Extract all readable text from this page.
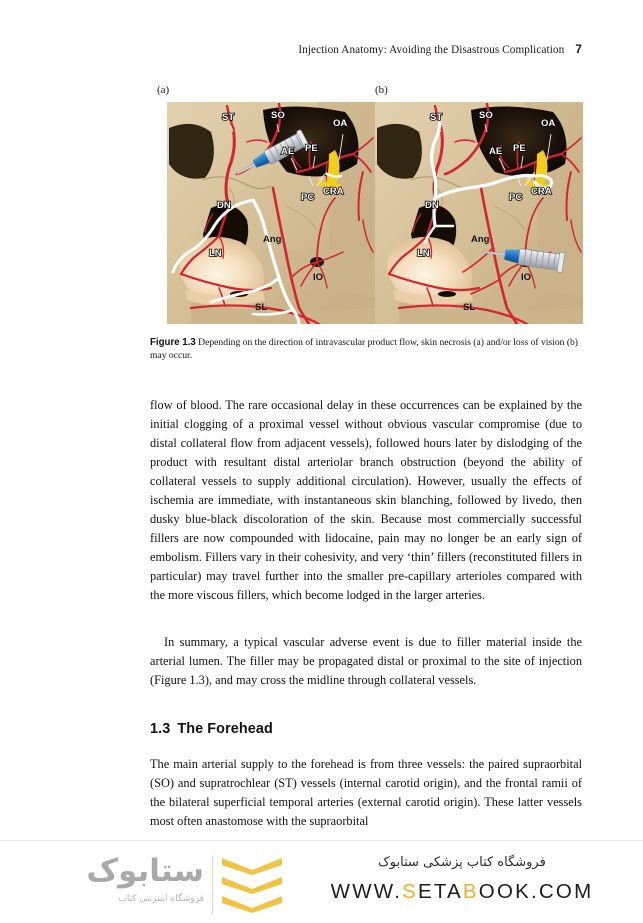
Injection Anatomy: Avoiding the Disastrous Complication 7
(a)	(b)
ST	SO
OA
AE PE
CRA
PC
DN
Ang
LN
IO
SL
ST	SO
OA
AE PE
CRA
PC
DN
Ang
LN
IO
SL
Figure 1.3 Depending on the direction of intravascular product flow, skin necrosis (a) and/or loss of vision (b) may occur.

flow of blood. The rare occasional delay in these occurrences can be explained by the initial clogging of a proximal vessel without obvious vascular compromise (due to distal collateral flow from adjacent vessels), followed hours later by dislodging of the product with resultant distal arteriolar branch obstruction (beyond the ability of collateral vessels to supply additional circulation). However, usually the effects of ischemia are immediate, with instantaneous skin blanching, followed by livedo, then dusky blue-black discoloration of the skin. Because most commercially successful fillers are now compounded with lidocaine, pain may no longer be an early sign of embolism. Fillers vary in their cohesivity, and very ‘thin’ fillers (reconstituted fillers in particular) may travel further into the smaller pre-capillary arterioles compared with the more viscous fillers, which become lodged in the larger arteries.

In summary, a typical vascular adverse event is due to filler material inside the arterial lumen. The filler may be propagated distal or proximal to the site of injection (Figure 1.3), and may cross the midline through collateral vessels.

1.3 The Forehead

The main arterial supply to the forehead is from three vessels: the paired supraorbital (SO) and supratrochlear (ST) vessels (internal carotid origin), and the frontal ramii of the bilateral superficial temporal arteries (external carotid origin). These latter vessels most often anastomose with the supraorbital

ستابوک
فروشگاه اینترنتی کتاب
فروشگاه کتاب پزشکی ستابوک
WWW.SETABOOK.COM
